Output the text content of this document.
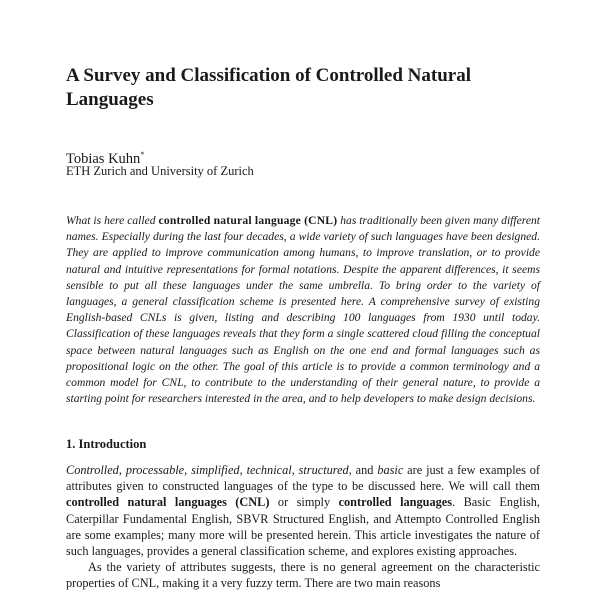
A Survey and Classification of Controlled Natural Languages
Tobias Kuhn*
ETH Zurich and University of Zurich

What is here called controlled natural language (CNL) has traditionally been given many different names. Especially during the last four decades, a wide variety of such languages have been designed. They are applied to improve communication among humans, to improve translation, or to provide natural and intuitive representations for formal notations. Despite the apparent differences, it seems sensible to put all these languages under the same umbrella. To bring order to the variety of languages, a general classification scheme is presented here. A comprehensive survey of existing English-based CNLs is given, listing and describing 100 languages from 1930 until today. Classification of these languages reveals that they form a single scattered cloud filling the conceptual space between natural languages such as English on the one end and formal languages such as propositional logic on the other. The goal of this article is to provide a common terminology and a common model for CNL, to contribute to the understanding of their general nature, to provide a starting point for researchers interested in the area, and to help developers to make design decisions.

1. Introduction

Controlled, processable, simplified, technical, structured, and basic are just a few examples of attributes given to constructed languages of the type to be discussed here. We will call them controlled natural languages (CNL) or simply controlled languages. Basic English, Caterpillar Fundamental English, SBVR Structured English, and Attempto Controlled English are some examples; many more will be presented herein. This article investigates the nature of such languages, provides a general classification scheme, and explores existing approaches.

As the variety of attributes suggests, there is no general agreement on the characteristic properties of CNL, making it a very fuzzy term. There are two main reasons
